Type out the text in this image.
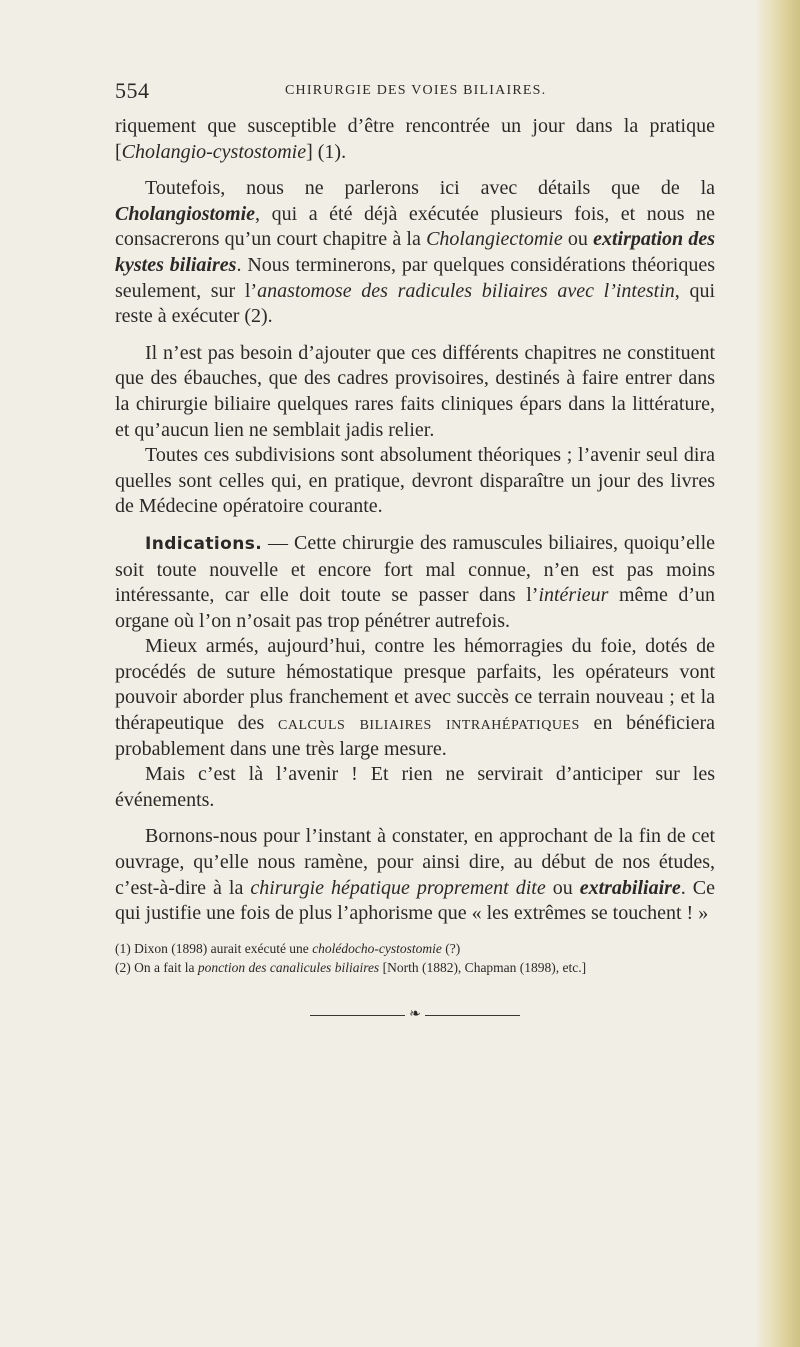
554	CHIRURGIE DES VOIES BILIAIRES.

riquement que susceptible d’être rencontrée un jour dans la pratique [Cholangio-cystostomie] (1).

Toutefois, nous ne parlerons ici avec détails que de la Cholangiostomie, qui a été déjà exécutée plusieurs fois, et nous ne consacrerons qu’un court chapitre à la Cholangiectomie ou extirpation des kystes biliaires. Nous terminerons, par quelques considérations théoriques seulement, sur l’anastomose des radicules biliaires avec l’intestin, qui reste à exécuter (2).

Il n’est pas besoin d’ajouter que ces différents chapitres ne constituent que des ébauches, que des cadres provisoires, destinés à faire entrer dans la chirurgie biliaire quelques rares faits cliniques épars dans la littérature, et qu’aucun lien ne semblait jadis relier.

Toutes ces subdivisions sont absolument théoriques ; l’avenir seul dira quelles sont celles qui, en pratique, devront disparaître un jour des livres de Médecine opératoire courante.

Indications. — Cette chirurgie des ramuscules biliaires, quoiqu’elle soit toute nouvelle et encore fort mal connue, n’en est pas moins intéressante, car elle doit toute se passer dans l’intérieur même d’un organe où l’on n’osait pas trop pénétrer autrefois.

Mieux armés, aujourd’hui, contre les hémorragies du foie, dotés de procédés de suture hémostatique presque parfaits, les opérateurs vont pouvoir aborder plus franchement et avec succès ce terrain nouveau ; et la thérapeutique des calculs biliaires intrahépatiques en bénéficiera probablement dans une très large mesure.

Mais c’est là l’avenir ! Et rien ne servirait d’anticiper sur les événements.

Bornons-nous pour l’instant à constater, en approchant de la fin de cet ouvrage, qu’elle nous ramène, pour ainsi dire, au début de nos études, c’est-à-dire à la chirurgie hépatique proprement dite ou extrabiliaire. Ce qui justifie une fois de plus l’aphorisme que « les extrêmes se touchent ! »

(1) Dixon (1898) aurait exécuté une cholédocho-cystostomie (?)

(2) On a fait la ponction des canalicules biliaires [North (1882), Chapman (1898), etc.]

❧
